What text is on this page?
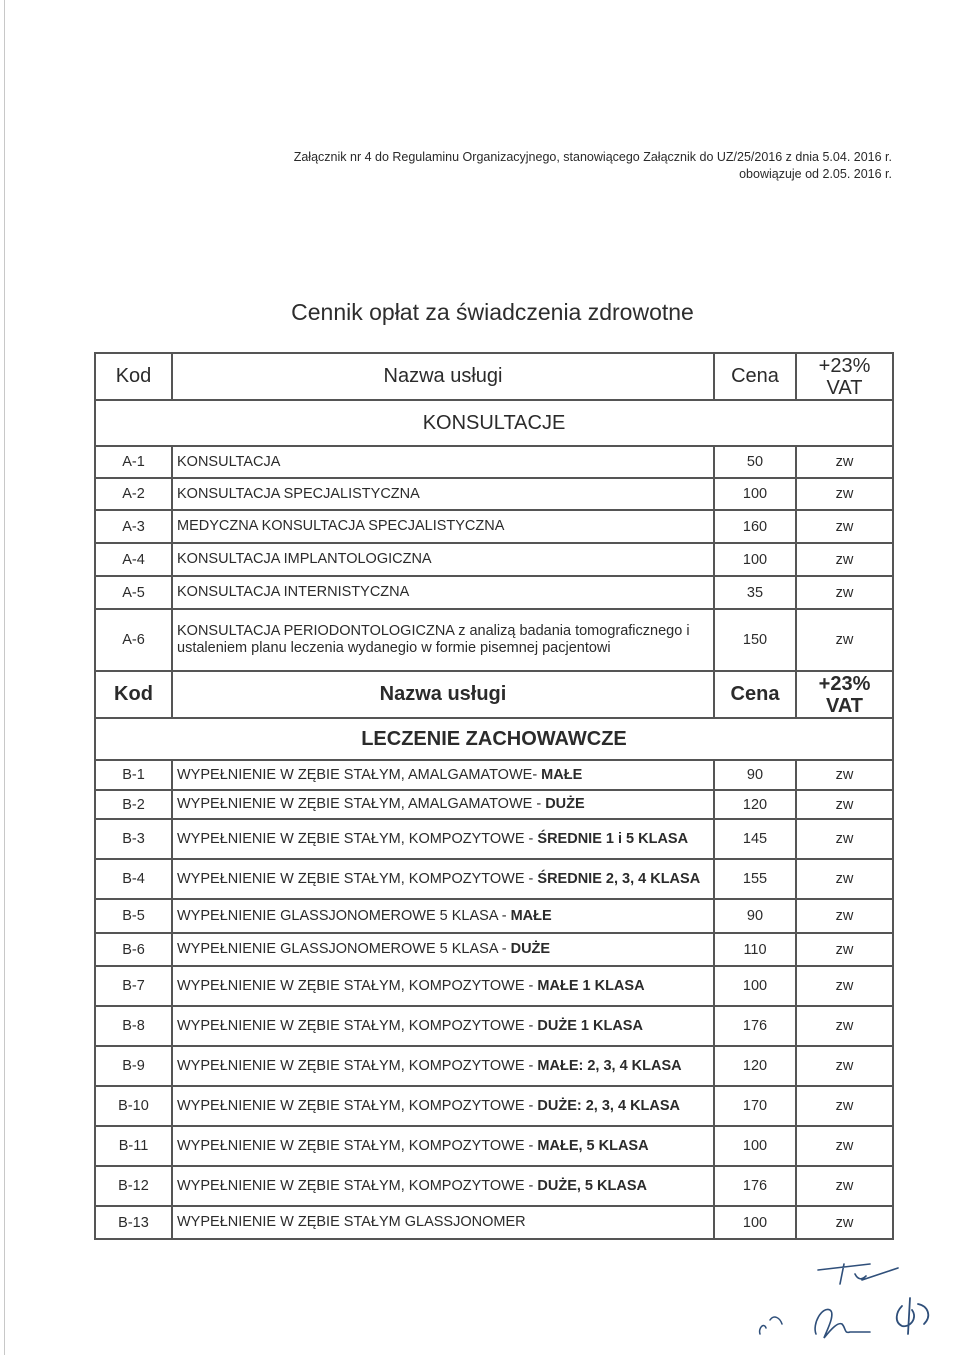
Załącznik nr 4 do Regulaminu Organizacyjnego, stanowiącego Załącznik do UZ/25/2016 z dnia 5.04. 2016 r.
obowiązuje od 2.05. 2016 r.
Cennik opłat za świadczenia zdrowotne
Kod	Nazwa usługi	Cena	+23%
VAT

KONSULTACJE			
A-1	KONSULTACJA	50	zw
A-2	KONSULTACJA SPECJALISTYCZNA	100	zw
A-3	MEDYCZNA KONSULTACJA SPECJALISTYCZNA	160	zw
A-4	KONSULTACJA IMPLANTOLOGICZNA	100	zw
A-5	KONSULTACJA INTERNISTYCZNA	35	zw
A-6	KONSULTACJA PERIODONTOLOGICZNA z analizą badania tomograficznego i ustaleniem planu leczenia wydanegio w formie pisemnej pacjentowi	150	zw
Kod	Nazwa usługi	Cena	+23%
VAT

LECZENIE ZACHOWAWCZE			
B-1	WYPEŁNIENIE W ZĘBIE STAŁYM, AMALGAMATOWE- MAŁE	90	zw
B-2	WYPEŁNIENIE W ZĘBIE STAŁYM, AMALGAMATOWE - DUŻE	120	zw
B-3	WYPEŁNIENIE W ZĘBIE STAŁYM, KOMPOZYTOWE - ŚREDNIE 1 i 5 KLASA	145	zw
B-4	WYPEŁNIENIE W ZĘBIE STAŁYM, KOMPOZYTOWE - ŚREDNIE 2, 3, 4 KLASA	155	zw
B-5	WYPEŁNIENIE GLASSJONOMEROWE 5 KLASA - MAŁE	90	zw
B-6	WYPEŁNIENIE GLASSJONOMEROWE 5 KLASA - DUŻE	110	zw
B-7	WYPEŁNIENIE W ZĘBIE STAŁYM, KOMPOZYTOWE - MAŁE 1 KLASA	100	zw
B-8	WYPEŁNIENIE W ZĘBIE STAŁYM, KOMPOZYTOWE - DUŻE 1 KLASA	176	zw
B-9	WYPEŁNIENIE W ZĘBIE STAŁYM, KOMPOZYTOWE - MAŁE: 2, 3, 4 KLASA	120	zw
B-10	WYPEŁNIENIE W ZĘBIE STAŁYM, KOMPOZYTOWE - DUŻE: 2, 3, 4 KLASA	170	zw
B-11	WYPEŁNIENIE W ZĘBIE STAŁYM, KOMPOZYTOWE - MAŁE, 5 KLASA	100	zw
B-12	WYPEŁNIENIE W ZĘBIE STAŁYM, KOMPOZYTOWE - DUŻE, 5 KLASA	176	zw
B-13	WYPEŁNIENIE W ZĘBIE STAŁYM GLASSJONOMER	100	zw
